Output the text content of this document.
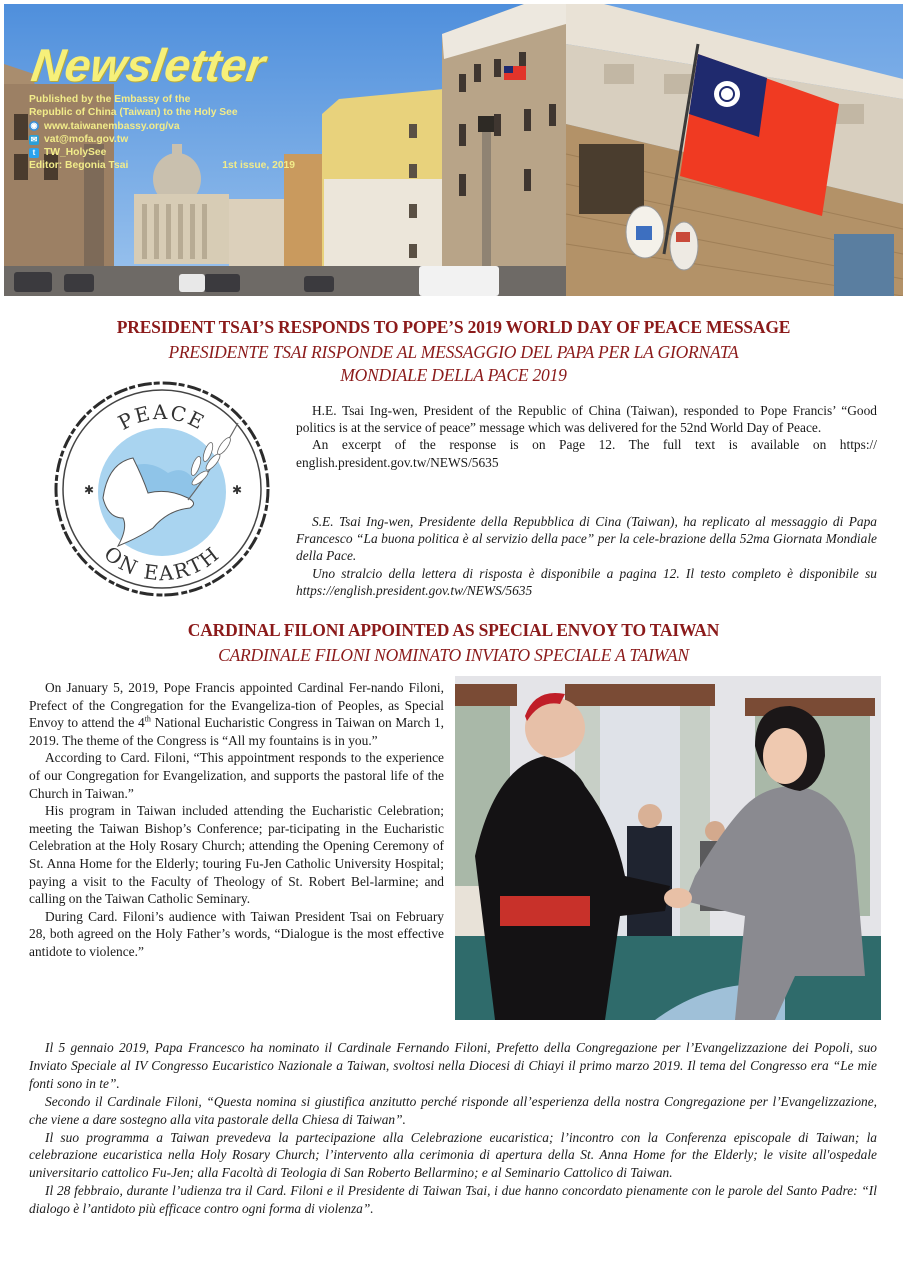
Newsletter
Published by the Embassy of the
Republic of China (Taiwan) to the Holy See
◉ www.taiwanembassy.org/va
✉ vat@mofa.gov.tw
t TW_HolySee
Editor: Begonia Tsai	1st issue, 2019
PRESIDENT TSAI’S RESPONDS TO POPE’S 2019 WORLD DAY OF PEACE MESSAGE
PRESIDENTE TSAI RISPONDE AL MESSAGGIO DEL PAPA PER LA GIORNATA
MONDIALE DELLA PACE 2019
PEACE
ON EARTH
✱	✱

H.E. Tsai Ing-wen, President of the Republic of China (Taiwan), responded to Pope Francis’ “Good politics is at the service of peace” message which was delivered for the 52nd World Day of Peace.

An excerpt of the response is on Page 12. The full text is available on https:// english.president.gov.tw/NEWS/5635

S.E. Tsai Ing-wen, Presidente della Repubblica di Cina (Taiwan), ha replicato al messaggio di Papa Francesco “La buona politica è al servizio della pace” per la cele-brazione della 52ma Giornata Mondiale della Pace.

Uno stralcio della lettera di risposta è disponibile a pagina 12. Il testo completo è disponibile su https://english.president.gov.tw/NEWS/5635

CARDINAL FILONI APPOINTED AS SPECIAL ENVOY TO TAIWAN
CARDINALE FILONI NOMINATO INVIATO SPECIALE A TAIWAN

On January 5, 2019, Pope Francis appointed Cardinal Fer-nando Filoni, Prefect of the Congregation for the Evangeliza-tion of Peoples, as Special Envoy to attend the 4th National Eucharistic Congress in Taiwan on March 1, 2019. The theme of the Congress is “All my fountains is in you.”

According to Card. Filoni, “This appointment responds to the experience of our Congregation for Evangelization, and supports the pastoral life of the Church in Taiwan.”

His program in Taiwan included attending the Eucharistic Celebration; meeting the Taiwan Bishop’s Conference; par-ticipating in the Eucharistic Celebration at the Holy Rosary Church; attending the Opening Ceremony of St. Anna Home for the Elderly; touring Fu-Jen Catholic University Hospital; paying a visit to the Faculty of Theology of St. Robert Bel-larmine; and calling on the Taiwan Catholic Seminary.

During Card. Filoni’s audience with Taiwan President Tsai on February 28, both agreed on the Holy Father’s words, “Dialogue is the most effective antidote to violence.”

Il 5 gennaio 2019, Papa Francesco ha nominato il Cardinale Fernando Filoni, Prefetto della Congregazione per l’Evangelizzazione dei Popoli, suo Inviato Speciale al IV Congresso Eucaristico Nazionale a Taiwan, svoltosi nella Diocesi di Chiayi il primo marzo 2019. Il tema del Congresso era “Le mie fonti sono in te”.

Secondo il Cardinale Filoni, “Questa nomina si giustifica anzitutto perché risponde all’esperienza della nostra Congregazione per l’Evangelizzazione, che viene a dare sostegno alla vita pastorale della Chiesa di Taiwan”.

Il suo programma a Taiwan prevedeva la partecipazione alla Celebrazione eucaristica; l’incontro con la Conferenza episcopale di Taiwan; la celebrazione eucaristica nella Holy Rosary Church; l’intervento alla cerimonia di apertura della St. Anna Home for the Elderly; le visite all'ospedale universitario cattolico Fu-Jen; alla Facoltà di Teologia di San Roberto Bellarmino; e al Seminario Cattolico di Taiwan.

Il 28 febbraio, durante l’udienza tra il Card. Filoni e il Presidente di Taiwan Tsai, i due hanno concordato pienamente con le parole del Santo Padre: “Il dialogo è l’antidoto più efficace contro ogni forma di violenza”.
